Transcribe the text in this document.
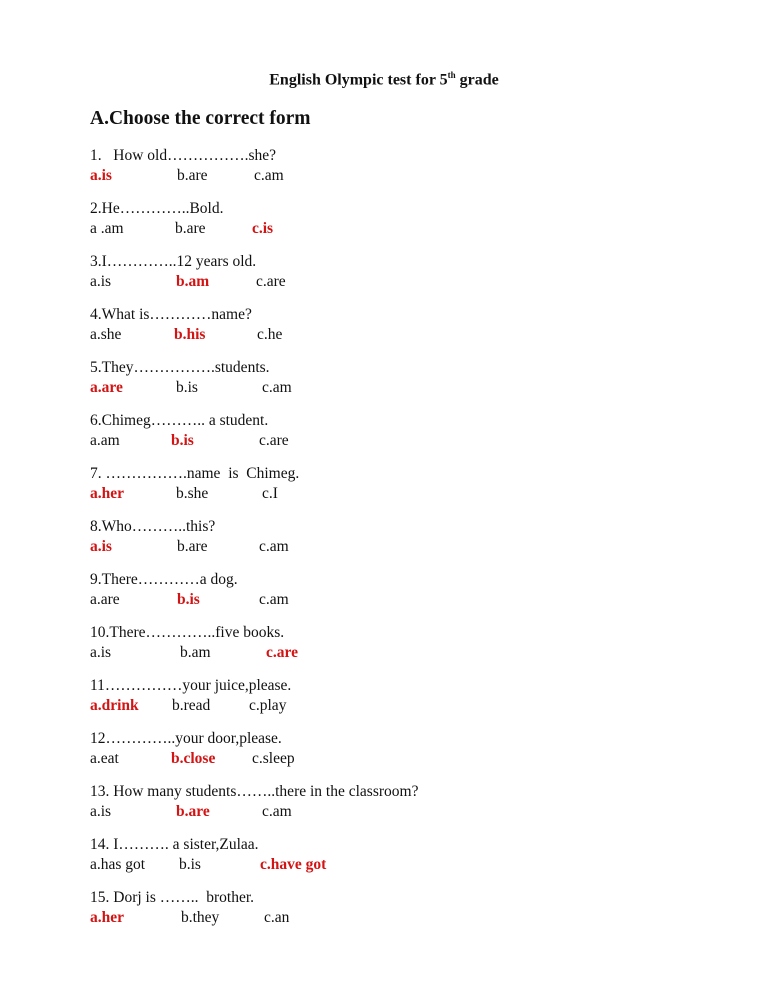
English Olympic test for 5th grade
A.Choose the correct form
1.   How old…………….she?
a.is	b.are	c.am
2.He…………..Bold.
a .am	b.are	c.is
3.I…………..12 years old.
a.is	b.am	c.are
4.What is…………name?
a.she	b.his	c.he
5.They…………….students.
a.are	b.is	c.am
6.Chimeg……….. a student.
a.am	b.is	c.are
7. …………….name  is  Chimeg.
a.her	b.she	c.I
8.Who………..this?
a.is	b.are	c.am
9.There…………a dog.
a.are	b.is	c.am
10.There…………..five books.
a.is	b.am	c.are
11……………your juice,please.
a.drink b.read c.play
12…………..your door,please.
a.eat	b.close c.sleep
13. How many students……..there in the classroom?
a.is	b.are	c.am
14. I………. a sister,Zulaa.
a.has got b.is	c.have got
15. Dorj is ……..  brother.
a.her	b.they	c.an
